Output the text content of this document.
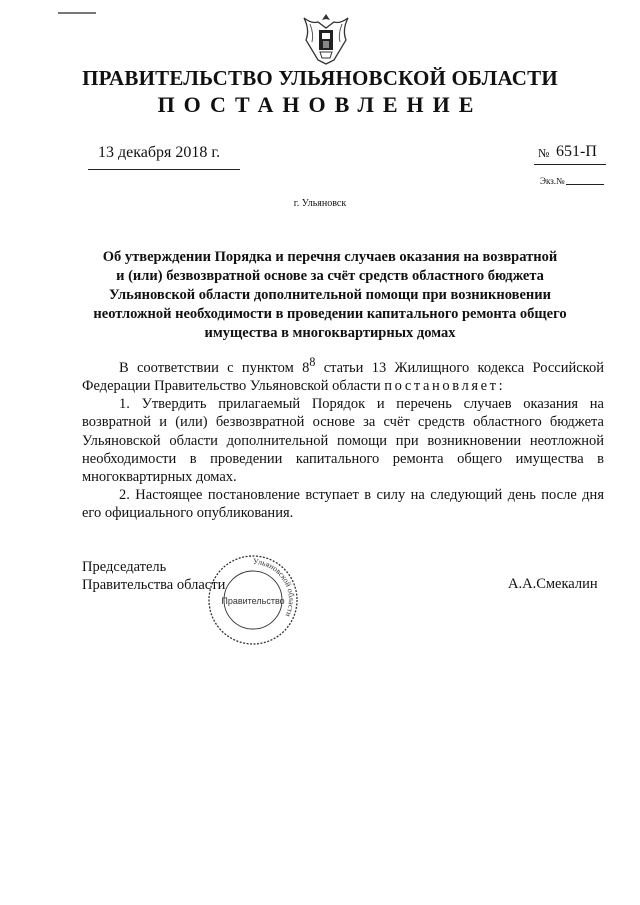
ПРАВИТЕЛЬСТВО УЛЬЯНОВСКОЙ ОБЛАСТИ
ПОСТАНОВЛЕНИЕ
13 декабря 2018 г.	№ 651-П
Экз.№
г. Ульяновск
Об утверждении Порядка и перечня случаев оказания на возвратной
и (или) безвозвратной основе за счёт средств областного бюджета
Ульяновской области дополнительной помощи при возникновении
неотложной необходимости в проведении капитального ремонта общего
имущества в многоквартирных домах

В соответствии с пунктом $8^8$ статьи 13 Жилищного кодекса Российской Федерации Правительство Ульяновской области постановляет:

1. Утвердить прилагаемый Порядок и перечень случаев оказания на возвратной и (или) безвозвратной основе за счёт средств областного бюджета Ульяновской области дополнительной помощи при возникновении неотложной необходимости в проведении капитального ремонта общего имущества в многоквартирных домах.

2. Настоящее постановление вступает в силу на следующий день после дня его официального опубликования.

Председатель
Правительства области	А.А.Смекалин
Ульяновской области
Правительство
